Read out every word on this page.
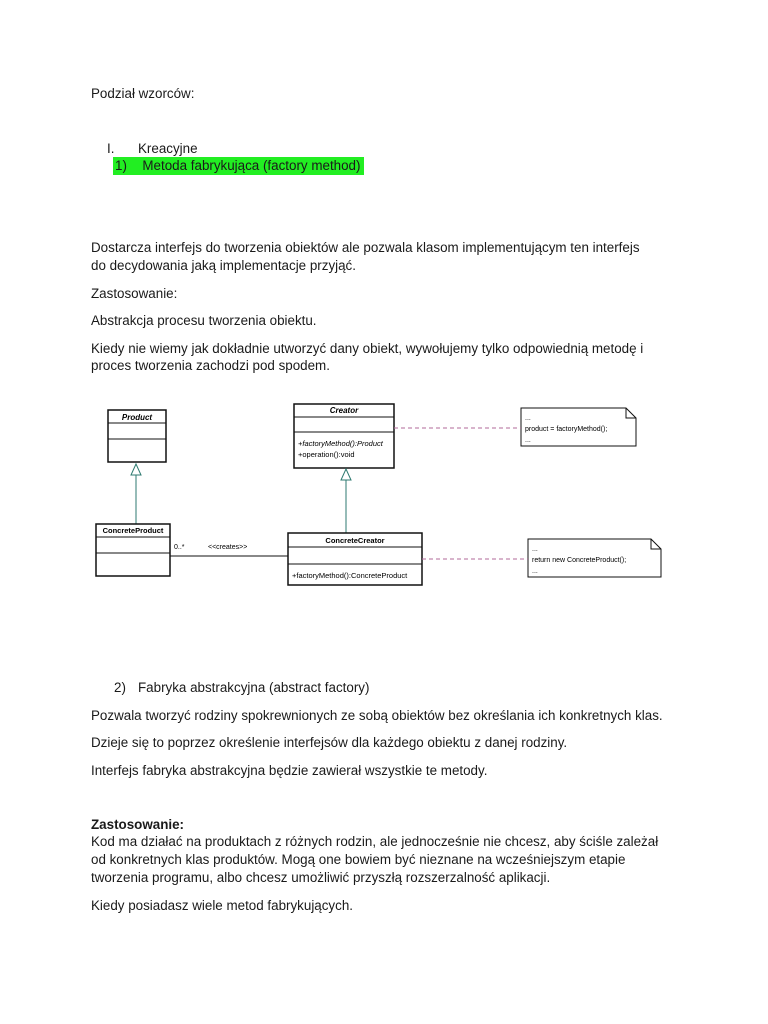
Podział wzorców:
I. Kreacyjne
1) Metoda fabrykująca (factory method)
Dostarcza interfejs do tworzenia obiektów ale pozwala klasom implementującym ten interfejs
do decydowania jaką implementacje przyjąć.
Zastosowanie:
Abstrakcja procesu tworzenia obiektu.
Kiedy nie wiemy jak dokładnie utworzyć dany obiekt, wywołujemy tylko odpowiednią metodę i
proces tworzenia zachodzi pod spodem.
Product
Creator
+factoryMethod():Product
+operation():void
...
product = factoryMethod();
...
ConcreteProduct
0..*	<<creates>>
ConcreteCreator
+factoryMethod():ConcreteProduct
...
return new ConcreteProduct();
...
2) Fabryka abstrakcyjna (abstract factory)
Pozwala tworzyć rodziny spokrewnionych ze sobą obiektów bez określania ich konkretnych klas.
Dzieje się to poprzez określenie interfejsów dla każdego obiektu z danej rodziny.
Interfejs fabryka abstrakcyjna będzie zawierał wszystkie te metody.
Zastosowanie:
Kod ma działać na produktach z różnych rodzin, ale jednocześnie nie chcesz, aby ściśle zależał
od konkretnych klas produktów. Mogą one bowiem być nieznane na wcześniejszym etapie
tworzenia programu, albo chcesz umożliwić przyszłą rozszerzalność aplikacji.
Kiedy posiadasz wiele metod fabrykujących.
